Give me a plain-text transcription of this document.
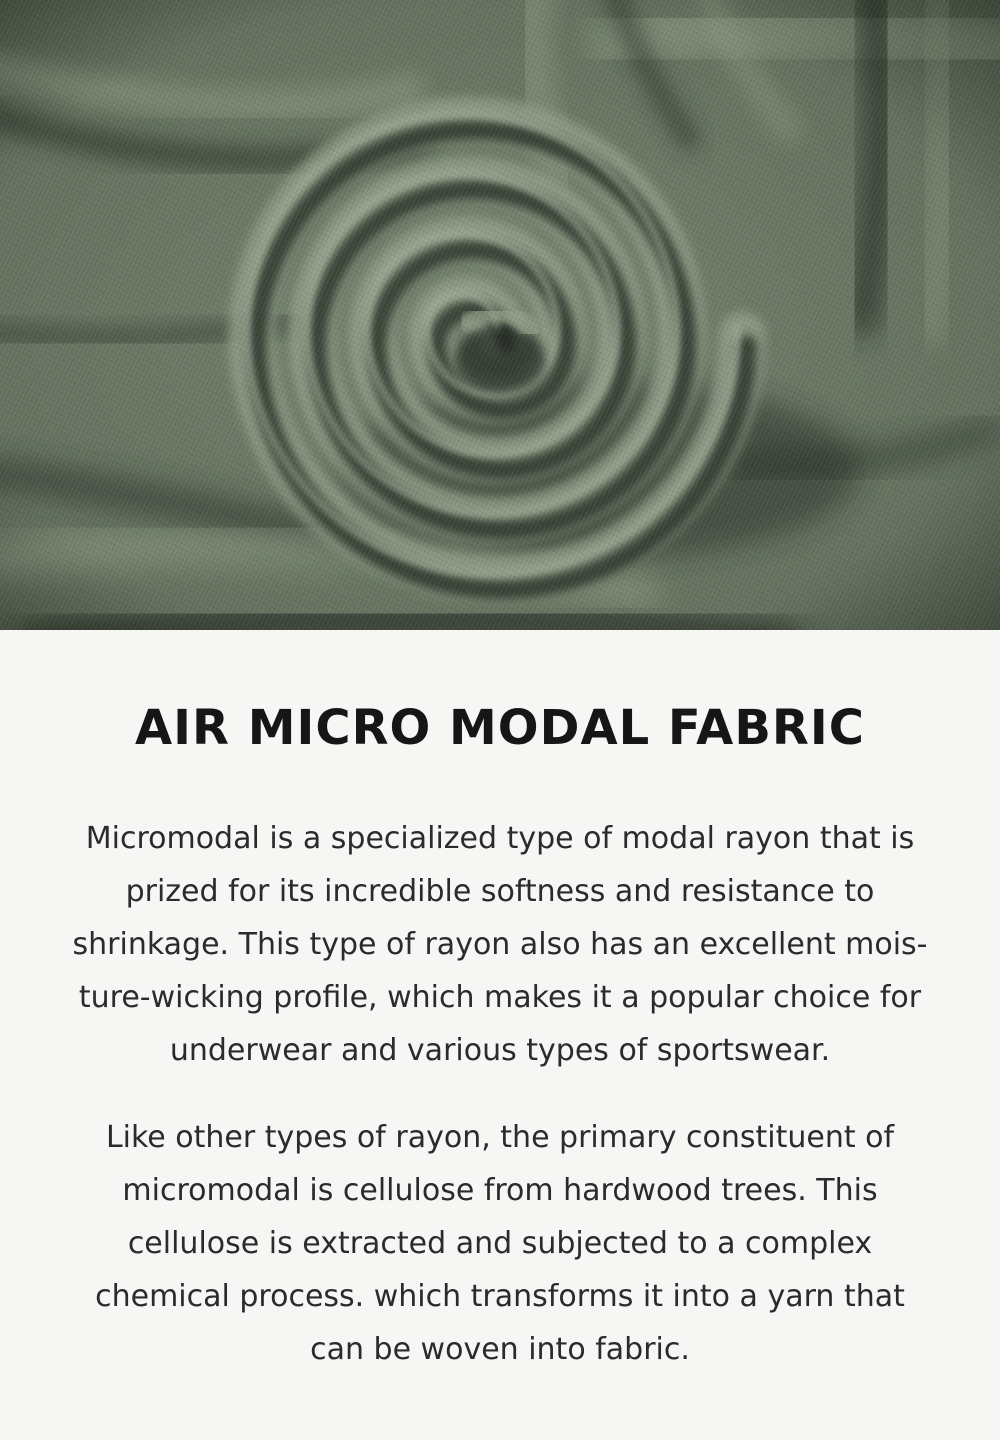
AIR MICRO MODAL FABRIC

Micromodal is a specialized type of modal rayon that is prized for its incredible softness and resistance to shrinkage. This type of rayon also has an excellent mois-ture-wicking profile, which makes it a popular choice for underwear and various types of sportswear.

Like other types of rayon, the primary constituent of micromodal is cellulose from hardwood trees. This cellulose is extracted and subjected to a complex chemical process. which transforms it into a yarn that can be woven into fabric.
